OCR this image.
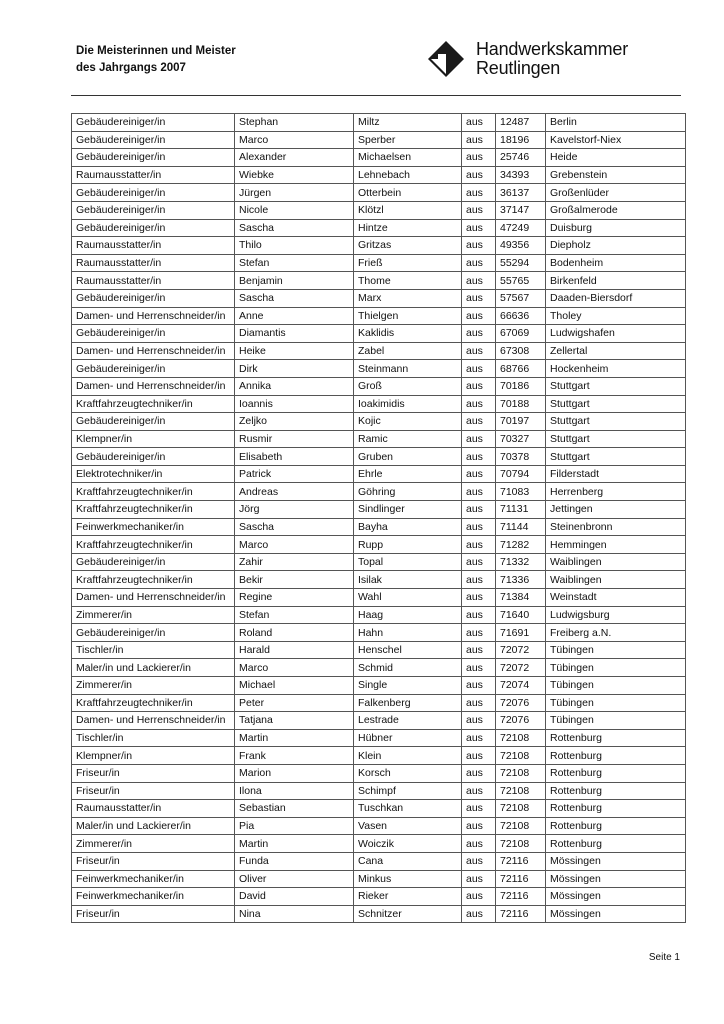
Die Meisterinnen und Meister
des Jahrgangs 2007
Handwerkskammer
Reutlingen
Gebäudereiniger/in	Stephan	Miltz	aus	12487	Berlin
Gebäudereiniger/in	Marco	Sperber	aus	18196	Kavelstorf-Niex
Gebäudereiniger/in	Alexander	Michaelsen	aus	25746	Heide
Raumausstatter/in	Wiebke	Lehnebach	aus	34393	Grebenstein
Gebäudereiniger/in	Jürgen	Otterbein	aus	36137	Großenlüder
Gebäudereiniger/in	Nicole	Klötzl	aus	37147	Großalmerode
Gebäudereiniger/in	Sascha	Hintze	aus	47249	Duisburg
Raumausstatter/in	Thilo	Gritzas	aus	49356	Diepholz
Raumausstatter/in	Stefan	Frieß	aus	55294	Bodenheim
Raumausstatter/in	Benjamin	Thome	aus	55765	Birkenfeld
Gebäudereiniger/in	Sascha	Marx	aus	57567	Daaden-Biersdorf
Damen- und Herrenschneider/in	Anne	Thielgen	aus	66636	Tholey
Gebäudereiniger/in	Diamantis	Kaklidis	aus	67069	Ludwigshafen
Damen- und Herrenschneider/in	Heike	Zabel	aus	67308	Zellertal
Gebäudereiniger/in	Dirk	Steinmann	aus	68766	Hockenheim
Damen- und Herrenschneider/in	Annika	Groß	aus	70186	Stuttgart
Kraftfahrzeugtechniker/in	Ioannis	Ioakimidis	aus	70188	Stuttgart
Gebäudereiniger/in	Zeljko	Kojic	aus	70197	Stuttgart
Klempner/in	Rusmir	Ramic	aus	70327	Stuttgart
Gebäudereiniger/in	Elisabeth	Gruben	aus	70378	Stuttgart
Elektrotechniker/in	Patrick	Ehrle	aus	70794	Filderstadt
Kraftfahrzeugtechniker/in	Andreas	Göhring	aus	71083	Herrenberg
Kraftfahrzeugtechniker/in	Jörg	Sindlinger	aus	71131	Jettingen
Feinwerkmechaniker/in	Sascha	Bayha	aus	71144	Steinenbronn
Kraftfahrzeugtechniker/in	Marco	Rupp	aus	71282	Hemmingen
Gebäudereiniger/in	Zahir	Topal	aus	71332	Waiblingen
Kraftfahrzeugtechniker/in	Bekir	Isilak	aus	71336	Waiblingen
Damen- und Herrenschneider/in	Regine	Wahl	aus	71384	Weinstadt
Zimmerer/in	Stefan	Haag	aus	71640	Ludwigsburg
Gebäudereiniger/in	Roland	Hahn	aus	71691	Freiberg a.N.
Tischler/in	Harald	Henschel	aus	72072	Tübingen
Maler/in und Lackierer/in	Marco	Schmid	aus	72072	Tübingen
Zimmerer/in	Michael	Single	aus	72074	Tübingen
Kraftfahrzeugtechniker/in	Peter	Falkenberg	aus	72076	Tübingen
Damen- und Herrenschneider/in	Tatjana	Lestrade	aus	72076	Tübingen
Tischler/in	Martin	Hübner	aus	72108	Rottenburg
Klempner/in	Frank	Klein	aus	72108	Rottenburg
Friseur/in	Marion	Korsch	aus	72108	Rottenburg
Friseur/in	Ilona	Schimpf	aus	72108	Rottenburg
Raumausstatter/in	Sebastian	Tuschkan	aus	72108	Rottenburg
Maler/in und Lackierer/in	Pia	Vasen	aus	72108	Rottenburg
Zimmerer/in	Martin	Woiczik	aus	72108	Rottenburg
Friseur/in	Funda	Cana	aus	72116	Mössingen
Feinwerkmechaniker/in	Oliver	Minkus	aus	72116	Mössingen
Feinwerkmechaniker/in	David	Rieker	aus	72116	Mössingen
Friseur/in	Nina	Schnitzer	aus	72116	Mössingen
Seite 1
